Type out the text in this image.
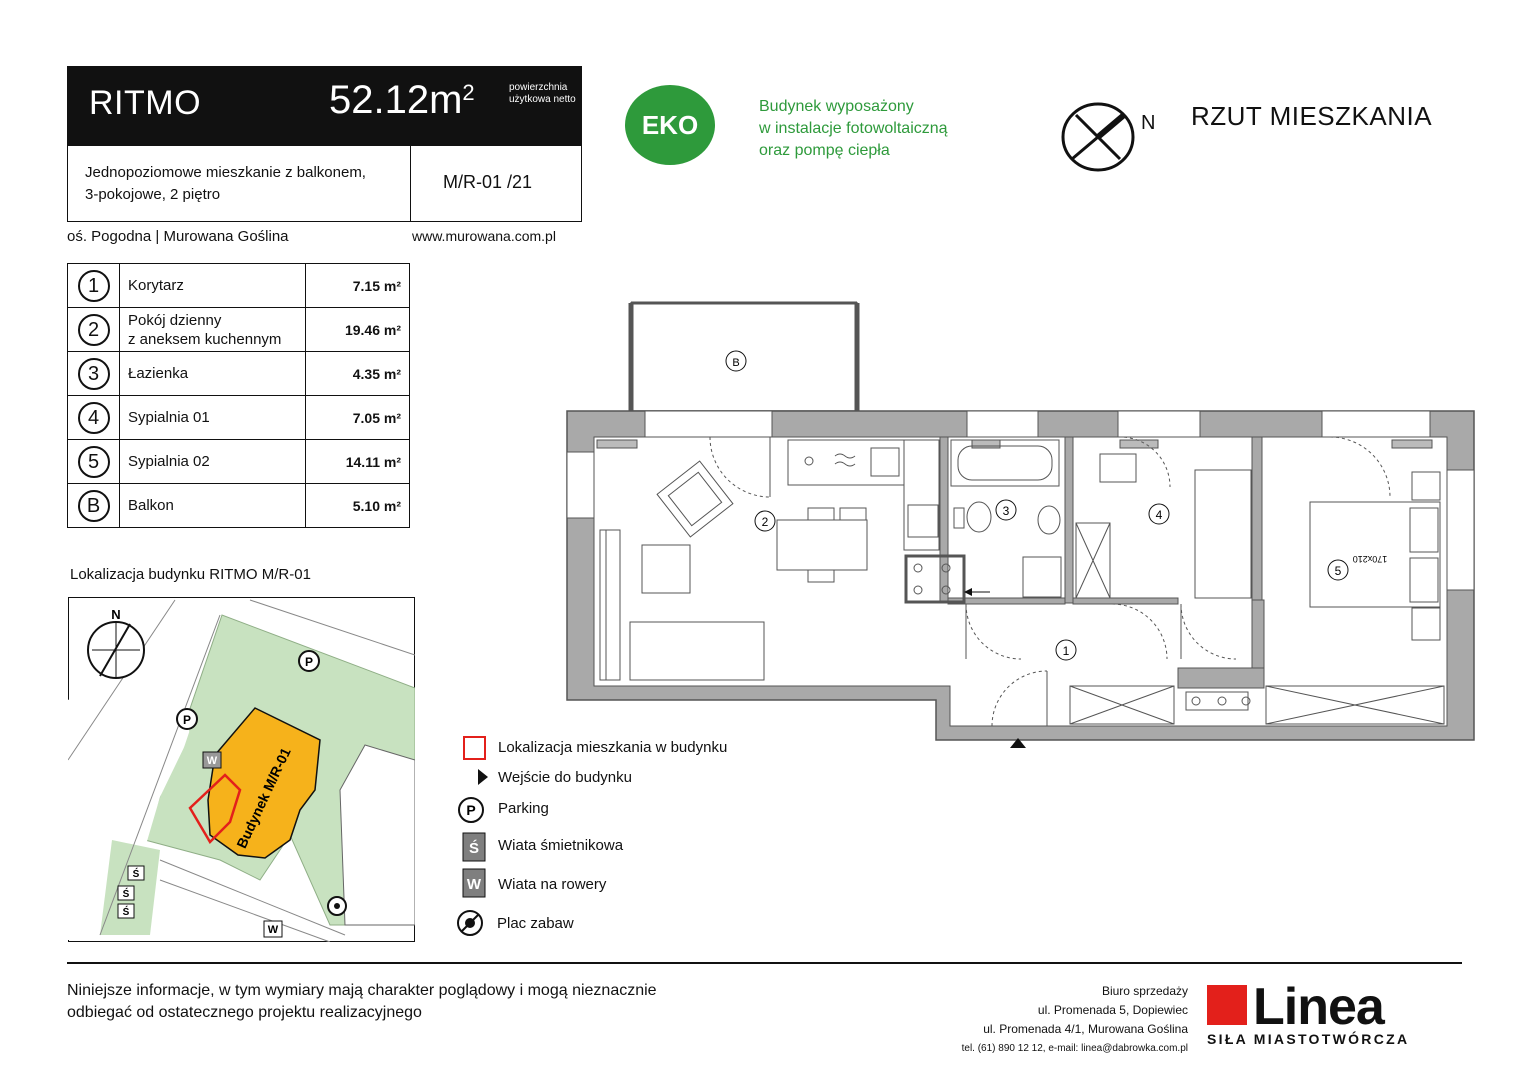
RITMO	$52.12m^2$	powierzchnia użytkowa netto
Jednopoziomowe mieszkanie z balkonem,
3-pokojowe, 2 piętro
M/R-01 /21
oś. Pogodna | Murowana Goślina	www.murowana.com.pl
1	Korytarz	7.15 m²
2	Pokój dzienny
z aneksem kuchennym	19.46 m²
3	Łazienka	4.35 m²
4	Sypialnia 01	7.05 m²
5	Sypialnia 02	14.11 m²
B	Balkon	5.10 m²
EKO
Budynek wyposażony
w instalacje fotowoltaiczną
oraz pompę ciepła
N RZUT MIESZKANIA
B
2
3	4
5
1
170x210
Lokalizacja budynku RITMO M/R-01
Budynek M/R-01
N
P
P
W
W
Ś
Ś
Ś
Lokalizacja mieszkania w budynku
Wejście do budynku
P Parking
Ś Wiata śmietnikowa
W Wiata na rowery
Plac zabaw
Niniejsze informacje, w tym wymiary mają charakter poglądowy i mogą nieznacznie
odbiegać od ostatecznego projektu realizacyjnego
Biuro sprzedaży
ul. Promenada 5, Dopiewiec
ul. Promenada 4/1, Murowana Goślina
tel. (61) 890 12 12, e-mail: linea@dabrowka.com.pl
Linea
SIŁA MIASTOTWÓRCZA
